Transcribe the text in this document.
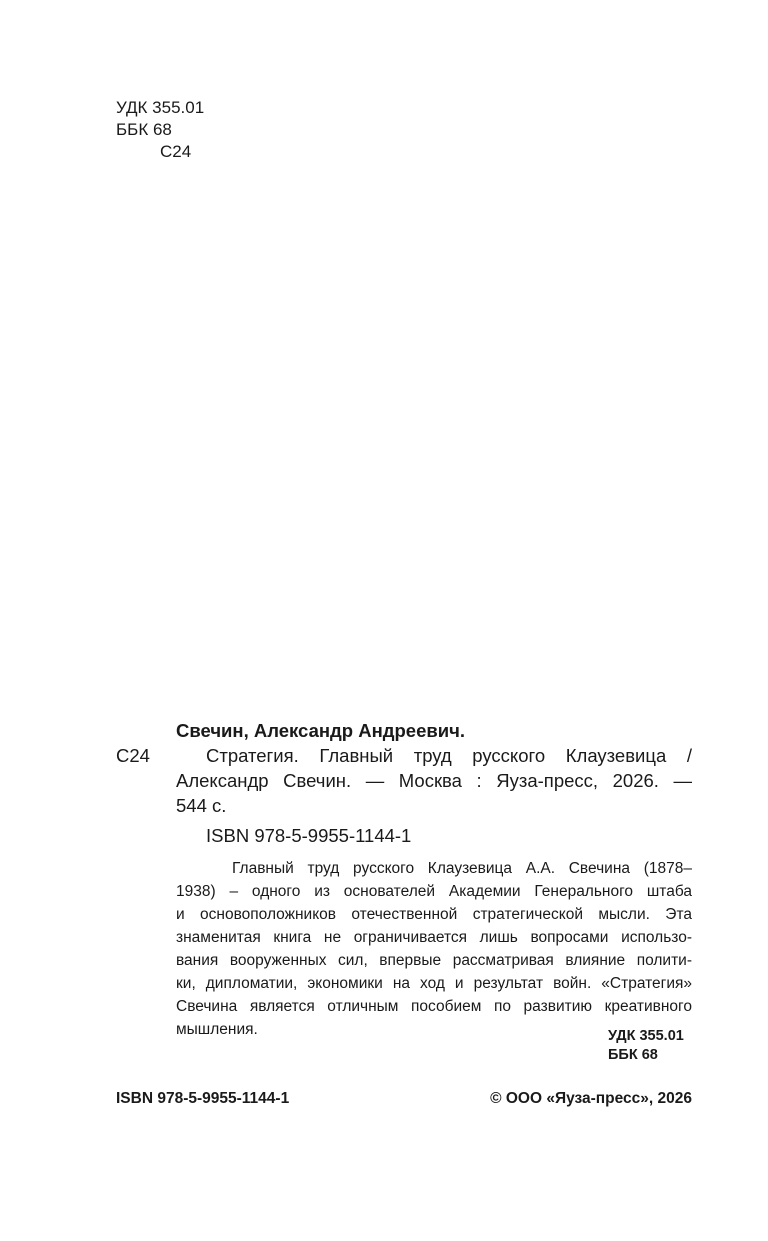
УДК 355.01
ББК 68
С24
Свечин, Александр Андреевич.
С24	Стратегия. Главный труд русского Клаузевица /
Александр Свечин. — Москва : Яуза-пресс, 2026. —
544 с.
ISBN 978-5-9955-1144-1
Главный труд русского Клаузевица А.А. Свечина (1878–
1938) – одного из основателей Академии Генерального штаба
и основоположников отечественной стратегической мысли. Эта
знаменитая книга не ограничивается лишь вопросами использо-
вания вооруженных сил, впервые рассматривая влияние полити-
ки, дипломатии, экономики на ход и результат войн. «Стратегия»
Свечина является отличным пособием по развитию креативного
мышления.	УДК 355.01
ББК 68
ISBN 978-5-9955-1144-1	© ООО «Яуза-пресс», 2026
